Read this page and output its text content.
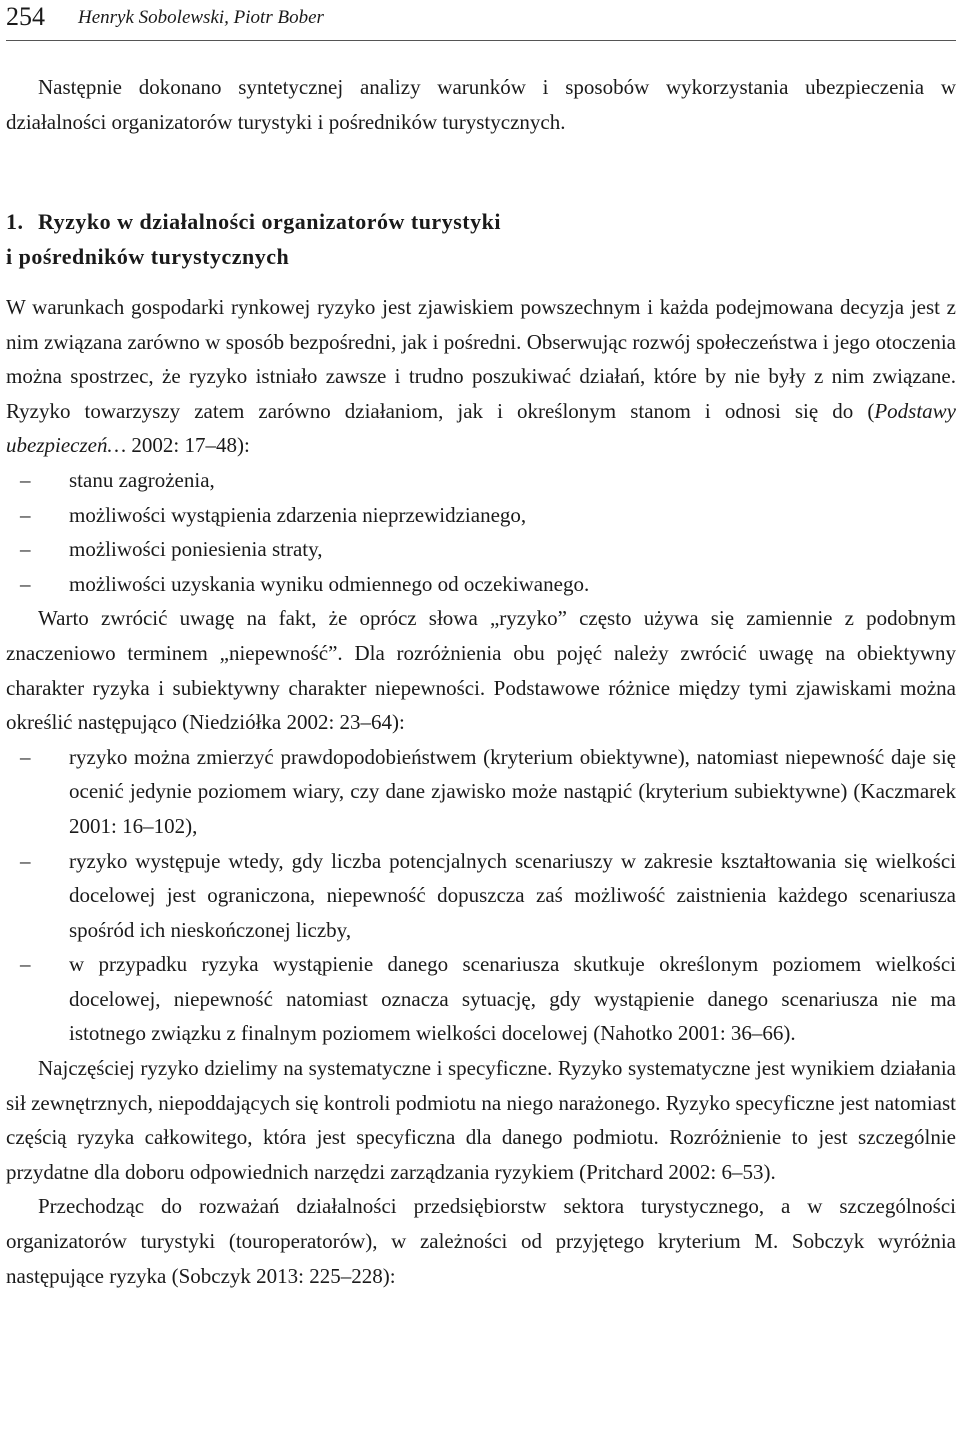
254 Henryk Sobolewski, Piotr Bober
Następnie dokonano syntetycznej analizy warunków i sposobów wykorzystania ubezpieczenia w działalności organizatorów turystyki i pośredników turystycznych.
1. Ryzyko w działalności organizatorów turystyki
i pośredników turystycznych
W warunkach gospodarki rynkowej ryzyko jest zjawiskiem powszechnym i każda podejmowana decyzja jest z nim związana zarówno w sposób bezpośredni, jak i pośredni. Obserwując rozwój społeczeństwa i jego otoczenia można spostrzec, że ryzyko istniało zawsze i trudno poszukiwać działań, które by nie były z nim związane. Ryzyko towarzyszy zatem zarówno działaniom, jak i określonym stanom i odnosi się do (Podstawy ubezpieczeń… 2002: 17–48):
– stanu zagrożenia,
– możliwości wystąpienia zdarzenia nieprzewidzianego,
– możliwości poniesienia straty,
– możliwości uzyskania wyniku odmiennego od oczekiwanego.
Warto zwrócić uwagę na fakt, że oprócz słowa „ryzyko” często używa się zamiennie z podobnym znaczeniowo terminem „niepewność”. Dla rozróżnienia obu pojęć należy zwrócić uwagę na obiektywny charakter ryzyka i subiektywny charakter niepewności. Podstawowe różnice między tymi zjawiskami można określić następująco (Niedziółka 2002: 23–64):
– ryzyko można zmierzyć prawdopodobieństwem (kryterium obiektywne), natomiast niepewność daje się ocenić jedynie poziomem wiary, czy dane zjawisko może nastąpić (kryterium subiektywne) (Kaczmarek 2001: 16–102),
– ryzyko występuje wtedy, gdy liczba potencjalnych scenariuszy w zakresie kształtowania się wielkości docelowej jest ograniczona, niepewność dopuszcza zaś możliwość zaistnienia każdego scenariusza spośród ich nieskończonej liczby,
– w przypadku ryzyka wystąpienie danego scenariusza skutkuje określonym poziomem wielkości docelowej, niepewność natomiast oznacza sytuację, gdy wystąpienie danego scenariusza nie ma istotnego związku z finalnym poziomem wielkości docelowej (Nahotko 2001: 36–66).
Najczęściej ryzyko dzielimy na systematyczne i specyficzne. Ryzyko systematyczne jest wynikiem działania sił zewnętrznych, niepoddających się kontroli podmiotu na niego narażonego. Ryzyko specyficzne jest natomiast częścią ryzyka całkowitego, która jest specyficzna dla danego podmiotu. Rozróżnienie to jest szczególnie przydatne dla doboru odpowiednich narzędzi zarządzania ryzykiem (Pritchard 2002: 6–53).
Przechodząc do rozważań działalności przedsiębiorstw sektora turystycznego, a w szczególności organizatorów turystyki (touroperatorów), w zależności od przyjętego kryterium M. Sobczyk wyróżnia następujące ryzyka (Sobczyk 2013: 225–228):
